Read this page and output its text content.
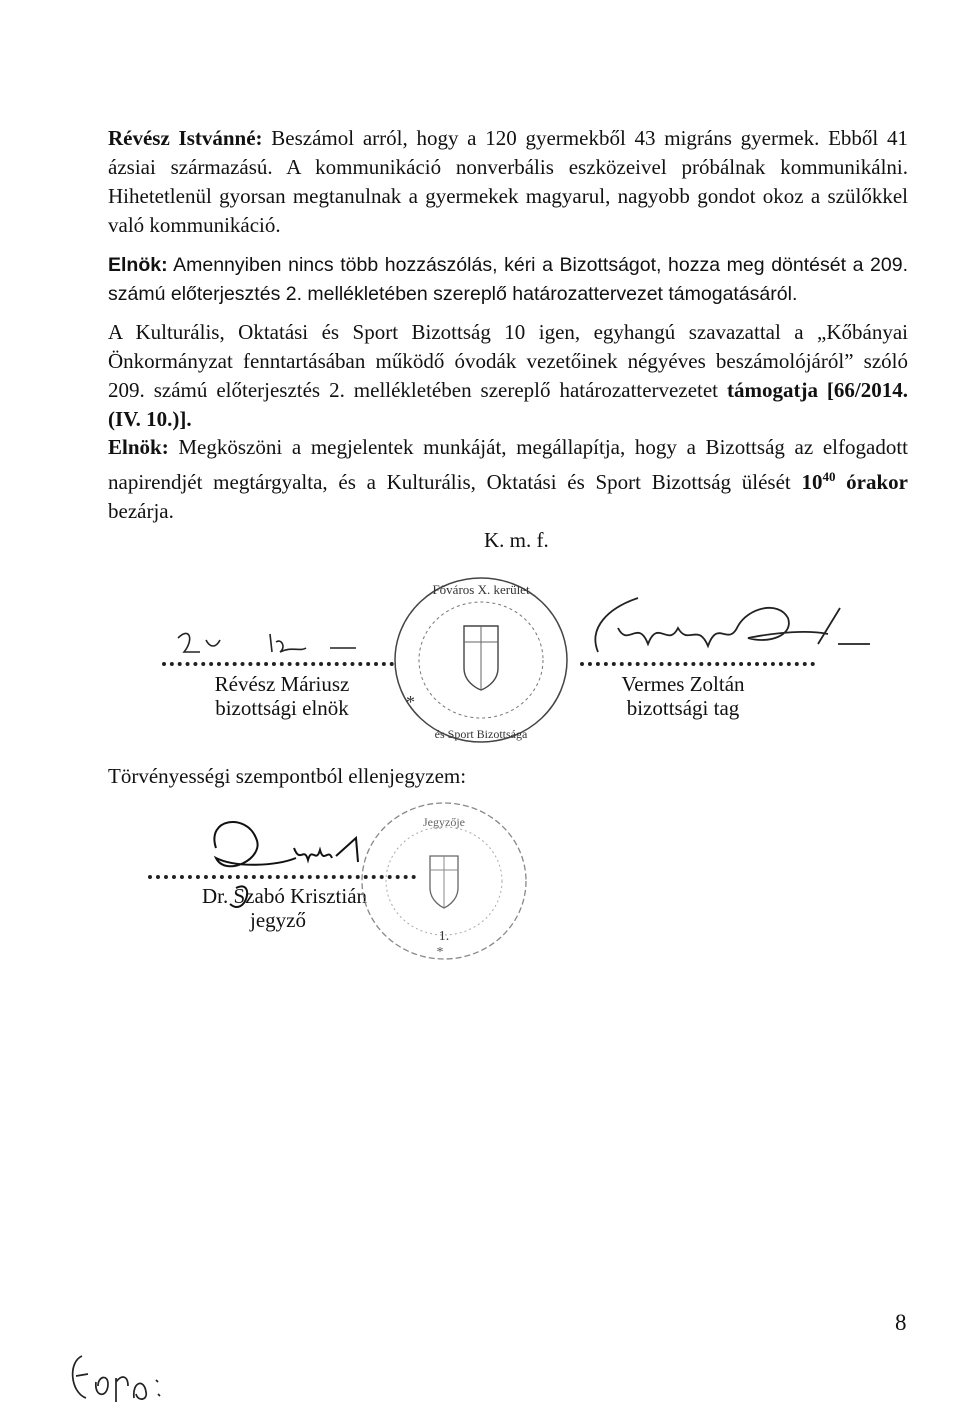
Révész Istvánné: Beszámol arról, hogy a 120 gyermekből 43 migráns gyermek. Ebből 41 ázsiai származású. A kommunikáció nonverbális eszközeivel próbálnak kommunikálni. Hihetetlenül gyorsan megtanulnak a gyermekek magyarul, nagyobb gondot okoz a szülőkkel való kommunikáció.
Elnök: Amennyiben nincs több hozzászólás, kéri a Bizottságot, hozza meg döntését a 209. számú előterjesztés 2. mellékletében szereplő határozattervezet támogatásáról.
A Kulturális, Oktatási és Sport Bizottság 10 igen, egyhangú szavazattal a „Kőbányai Önkormányzat fenntartásában működő óvodák vezetőinek négyéves beszámolójáról” szóló 209. számú előterjesztés 2. mellékletében szereplő határozattervezetet támogatja [66/2014. (IV. 10.)].
Elnök: Megköszöni a megjelentek munkáját, megállapítja, hogy a Bizottság az elfogadott napirendjét megtárgyalta, és a Kulturális, Oktatási és Sport Bizottság ülését $10^{40}$ órakor bezárja.
K. m. f.
Révész Máriusz
bizottsági elnök
Főváros X. kerület
és Sport Bizottsága
*
Vermes Zoltán
bizottsági tag
Törvényességi szempontból ellenjegyzem:
Dr. Szabó Krisztián
jegyző
Jegyzője
1.
*
8
